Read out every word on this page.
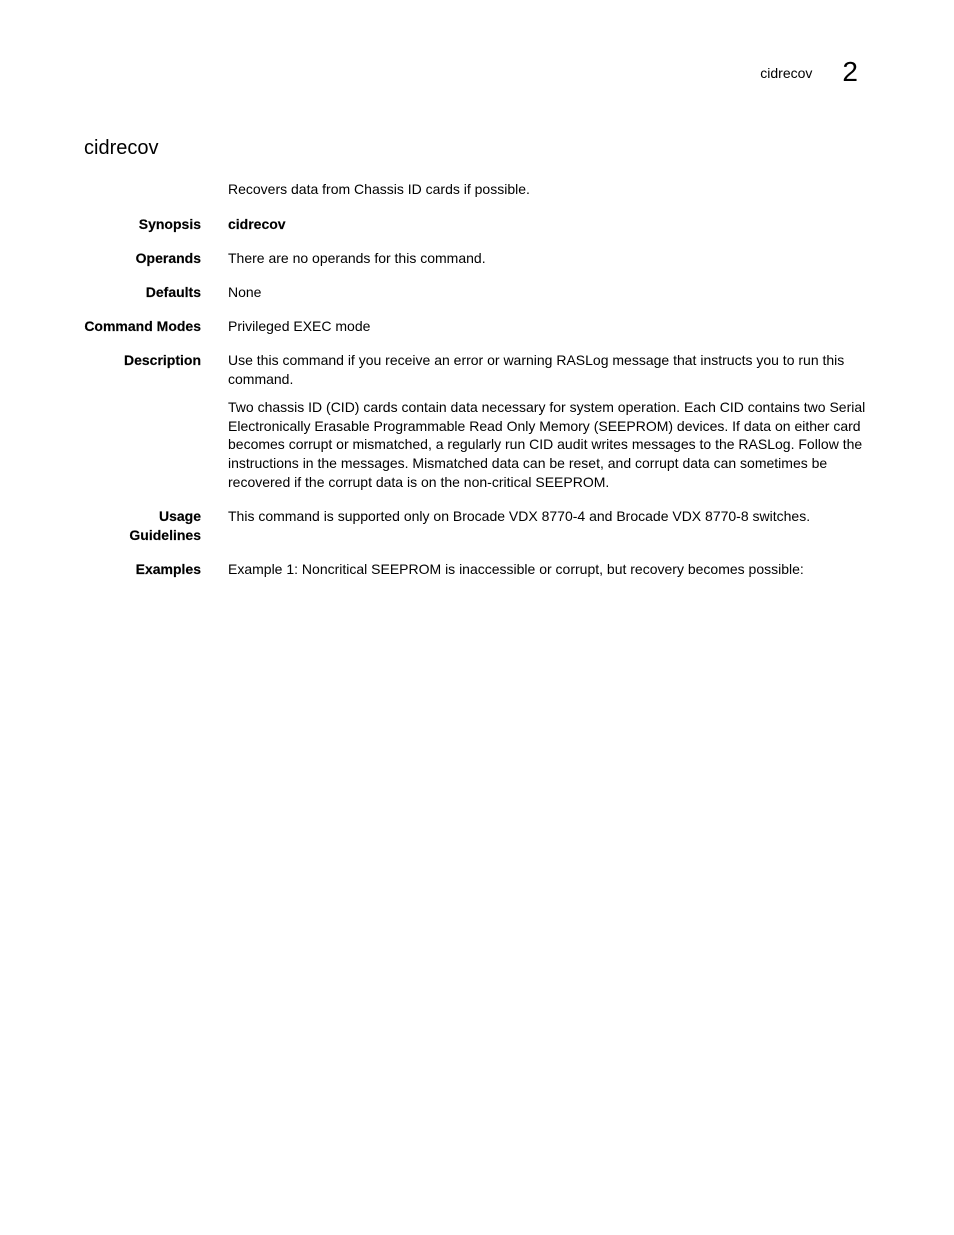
cidrecov 2
cidrecov
Recovers data from Chassis ID cards if possible.
Synopsis cidrecov
Operands There are no operands for this command.
Defaults None
Command Modes Privileged EXEC mode
Description Use this command if you receive an error or warning RASLog message that instructs you to run this command.

Two chassis ID (CID) cards contain data necessary for system operation. Each CID contains two Serial Electronically Erasable Programmable Read Only Memory (SEEPROM) devices. If data on either card becomes corrupt or mismatched, a regularly run CID audit writes messages to the RASLog. Follow the instructions in the messages. Mismatched data can be reset, and corrupt data can sometimes be recovered if the corrupt data is on the non-critical SEEPROM.

Usage Guidelines
This command is supported only on Brocade VDX 8770-4 and Brocade VDX 8770-8 switches.
Examples Example 1: Noncritical SEEPROM is inaccessible or corrupt, but recovery becomes possible:
